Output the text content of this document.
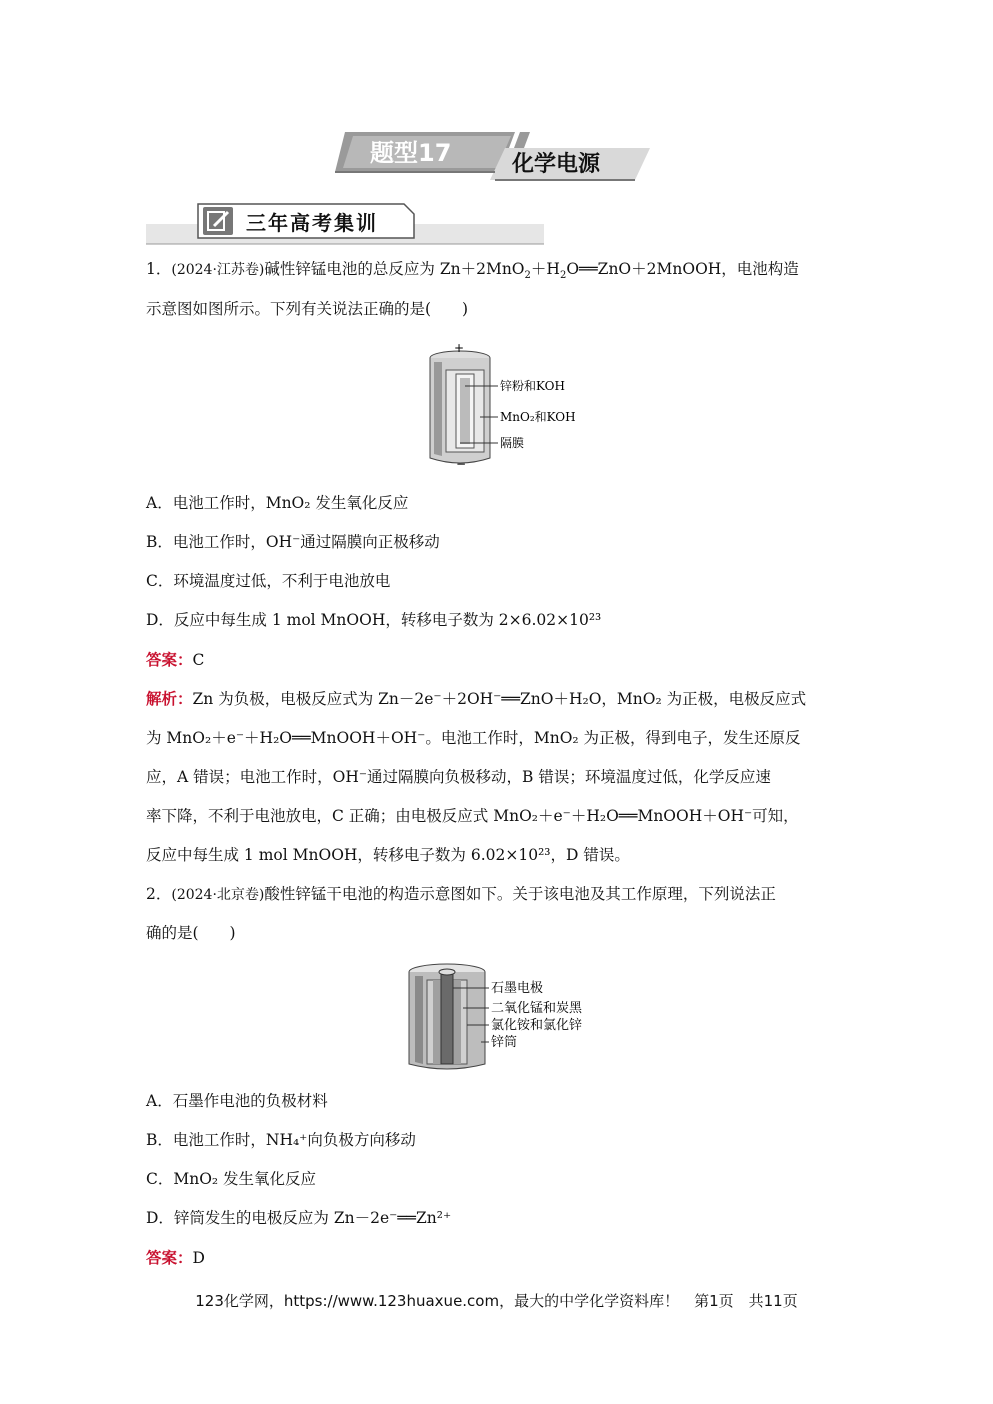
题型17	化学电源
三年高考集训
1．(2024·江苏卷)碱性锌锰电池的总反应为 $Zn+2MnO_2+H_2O══ZnO+2MnOOH$，电池构造
示意图如图所示。下列有关说法正确的是(　　)
+
−
锌粉和KOH
MnO₂和KOH
隔膜
A．电池工作时，MnO₂ 发生氧化反应
B．电池工作时，OH⁻通过隔膜向正极移动
C．环境温度过低，不利于电池放电
D．反应中每生成 1 mol MnOOH，转移电子数为 2×6.02×10²³
答案：C
解析：Zn 为负极，电极反应式为 Zn－2e⁻＋2OH⁻══ZnO＋H₂O，MnO₂ 为正极，电极反应式
为 MnO₂＋e⁻＋H₂O══MnOOH＋OH⁻。电池工作时，MnO₂ 为正极，得到电子，发生还原反
应，A 错误；电池工作时，OH⁻通过隔膜向负极移动，B 错误；环境温度过低，化学反应速
率下降，不利于电池放电，C 正确；由电极反应式 MnO₂＋e⁻＋H₂O══MnOOH＋OH⁻可知，
反应中每生成 1 mol MnOOH，转移电子数为 6.02×10²³，D 错误。
2．(2024·北京卷)酸性锌锰干电池的构造示意图如下。关于该电池及其工作原理，下列说法正
确的是(　　)
石墨电极
二氧化锰和炭黑
氯化铵和氯化锌
锌筒
A．石墨作电池的负极材料
B．电池工作时，NH₄⁺向负极方向移动
C．MnO₂ 发生氧化反应
D．锌筒发生的电极反应为 Zn－2e⁻══Zn²⁺
答案：D
123化学网，https://www.123huaxue.com，最大的中学化学资料库！　第1页　共11页
